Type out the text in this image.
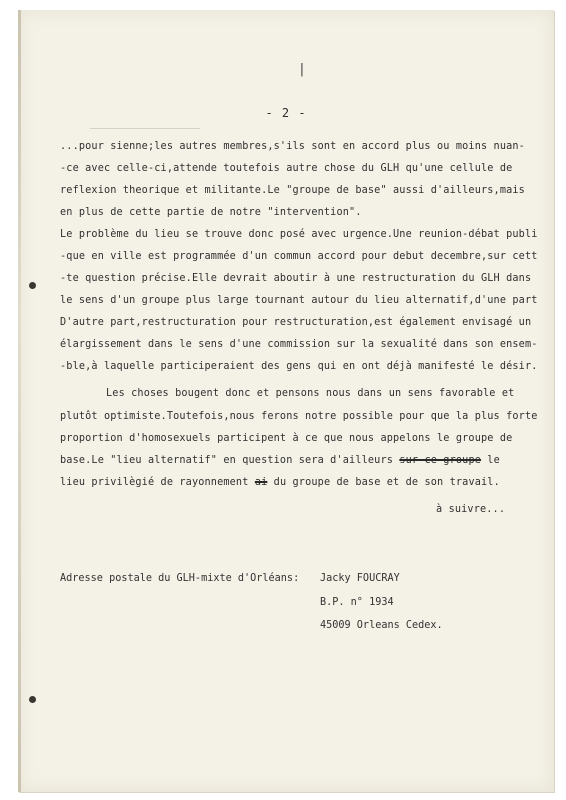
|
- 2 -
...pour sienne;les autres membres,s'ils sont en accord plus ou moins nuan-
-ce avec celle-ci,attende toutefois autre chose du GLH qu'une cellule de
reflexion theorique et militante.Le "groupe de base" aussi d'ailleurs,mais
en plus de cette partie de notre "intervention".
Le problème du lieu se trouve donc posé avec urgence.Une reunion-débat publi
-que en ville est programmée d'un commun accord pour debut decembre,sur cett
-te question précise.Elle devrait aboutir à une restructuration du GLH dans
le sens d'un groupe plus large tournant autour du lieu alternatif,d'une part
D'autre part,restructuration pour restructuration,est également envisagé un
élargissement dans le sens d'une commission sur la sexualité dans son ensem-
-ble,à laquelle participeraient des gens qui en ont déjà manifesté le désir.
Les choses bougent donc et pensons nous dans un sens favorable et
plutôt optimiste.Toutefois,nous ferons notre possible pour que la plus forte
proportion d'homosexuels participent à ce que nous appelons le groupe de
base.Le "lieu alternatif" en question sera d'ailleurs sur ce groupe le
lieu privilègié de rayonnement ai du groupe de base et de son travail.
à suivre...
Adresse postale du GLH-mixte d'Orléans: Jacky FOUCRAY
B.P. n° 1934
45009 Orleans Cedex.
